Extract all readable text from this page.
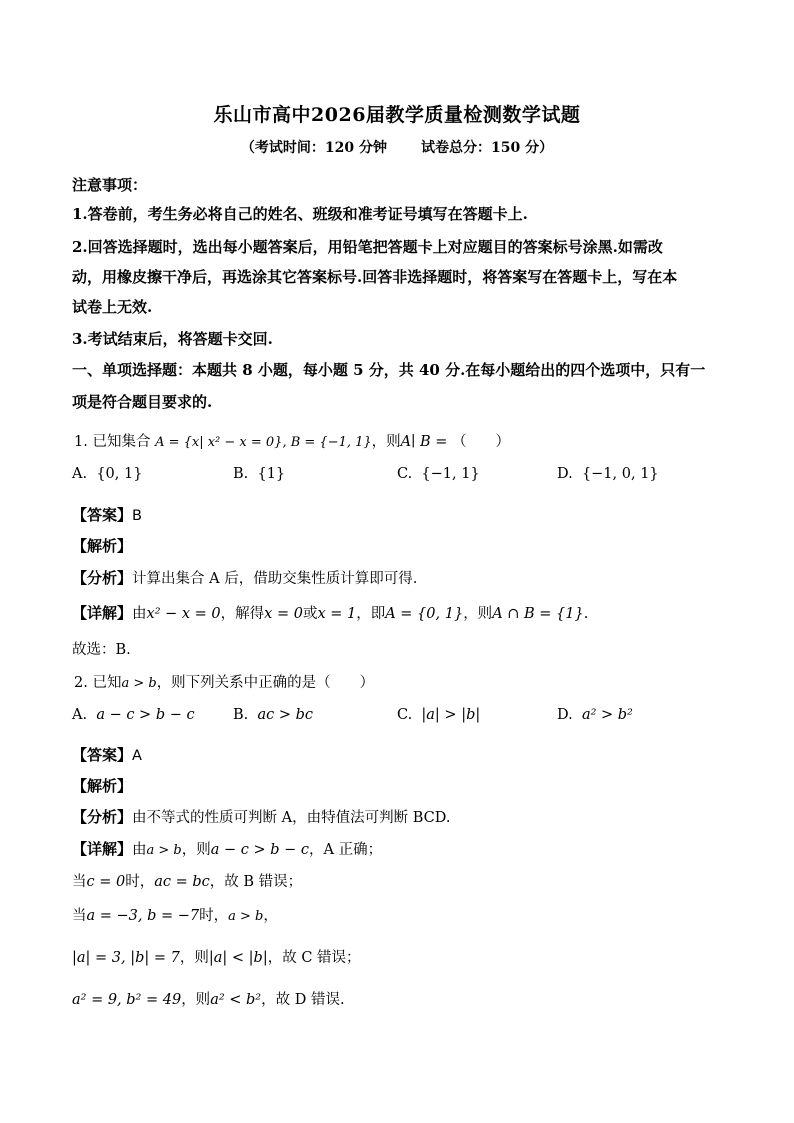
乐山市高中2026届教学质量检测数学试题
（考试时间：120 分钟 试卷总分：150 分）
注意事项：
1.答卷前，考生务必将自己的姓名、班级和准考证号填写在答题卡上.
2.回答选择题时，选出每小题答案后，用铅笔把答题卡上对应题目的答案标号涂黑.如需改
动，用橡皮擦干净后，再选涂其它答案标号.回答非选择题时，将答案写在答题卡上，写在本
试卷上无效.
3.考试结束后，将答题卡交回.
一、单项选择题：本题共 8 小题，每小题 5 分，共 40 分.在每小题给出的四个选项中，只有一
项是符合题目要求的.
1. 已知集合 A = {x| x² − x = 0}, B = {−1, 1}，则A∣ B = （　　）
A. {0, 1}	B. {1}	C. {−1, 1}	D. {−1, 0, 1}
【答案】B
【解析】
【分析】计算出集合 A 后，借助交集性质计算即可得.
【详解】由x² − x = 0，解得x = 0或x = 1，即A = {0, 1}，则A ∩ B = {1}.
故选：B.
2. 已知a > b，则下列关系中正确的是（　　）
A. a − c > b − c	B. ac > bc	C. |a| > |b|	D. a² > b²
【答案】A
【解析】
【分析】由不等式的性质可判断 A，由特值法可判断 BCD.
【详解】由a > b，则a − c > b − c，A 正确；
当c = 0时，ac = bc，故 B 错误；
当a = −3, b = −7时，a > b，
|a| = 3, |b| = 7，则|a| < |b|，故 C 错误；
a² = 9, b² = 49，则a² < b²，故 D 错误.
